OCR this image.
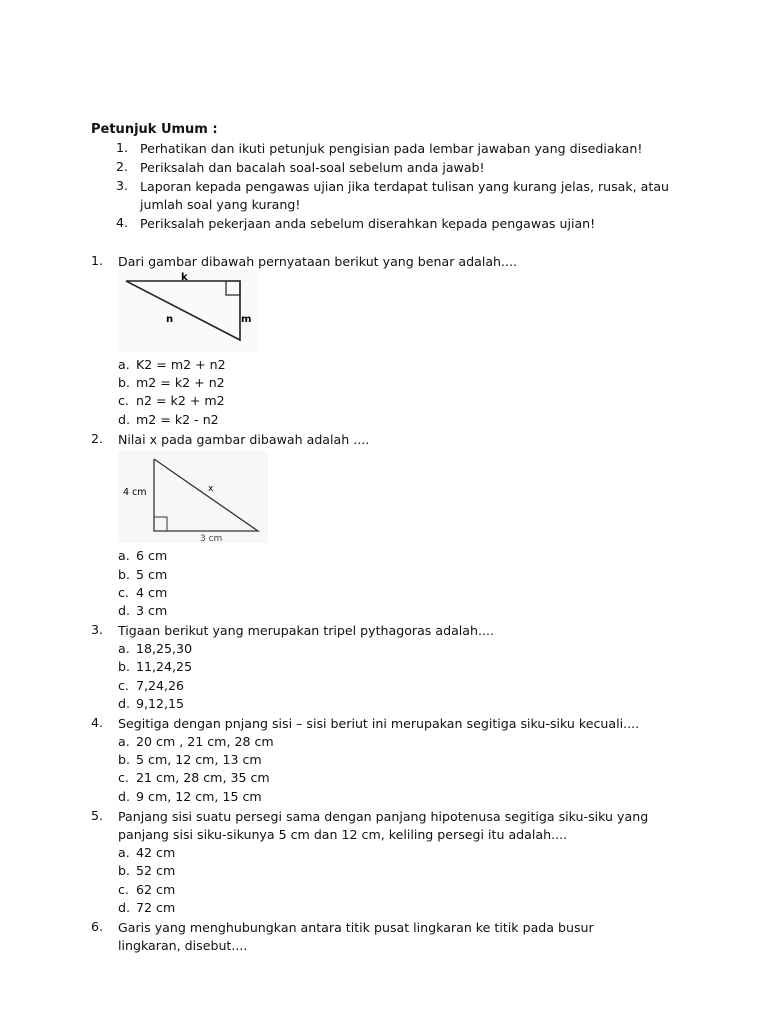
Petunjuk Umum :
1. Perhatikan dan ikuti petunjuk pengisian pada lembar jawaban yang disediakan!
2. Periksalah dan bacalah soal-soal sebelum anda jawab!
3. Laporan kepada pengawas ujian jika terdapat tulisan yang kurang jelas, rusak, atau jumlah soal yang kurang!
4. Periksalah pekerjaan anda sebelum diserahkan kepada pengawas ujian!
1. Dari gambar dibawah pernyataan berikut yang benar adalah....
k
n	m
a. K2 = m2 + n2
b. m2 = k2 + n2
c. n2 = k2 + m2
d. m2 = k2 - n2
2. Nilai x pada gambar dibawah adalah ....
4 cm	x
3 cm
a. 6 cm
b. 5 cm
c. 4 cm
d. 3 cm
3. Tigaan berikut yang merupakan tripel pythagoras adalah....
a. 18,25,30
b. 11,24,25
c. 7,24,26
d. 9,12,15
4. Segitiga dengan pnjang sisi – sisi beriut ini merupakan segitiga siku-siku kecuali....
a. 20 cm , 21 cm, 28 cm
b. 5 cm, 12 cm, 13 cm
c. 21 cm, 28 cm, 35 cm
d. 9 cm, 12 cm, 15 cm
5. Panjang sisi suatu persegi sama dengan panjang hipotenusa segitiga siku-siku yang panjang sisi siku-sikunya 5 cm dan 12 cm, keliling persegi itu adalah....
a. 42 cm
b. 52 cm
c. 62 cm
d. 72 cm
6. Garis yang menghubungkan antara titik pusat lingkaran ke titik pada busur lingkaran, disebut....
